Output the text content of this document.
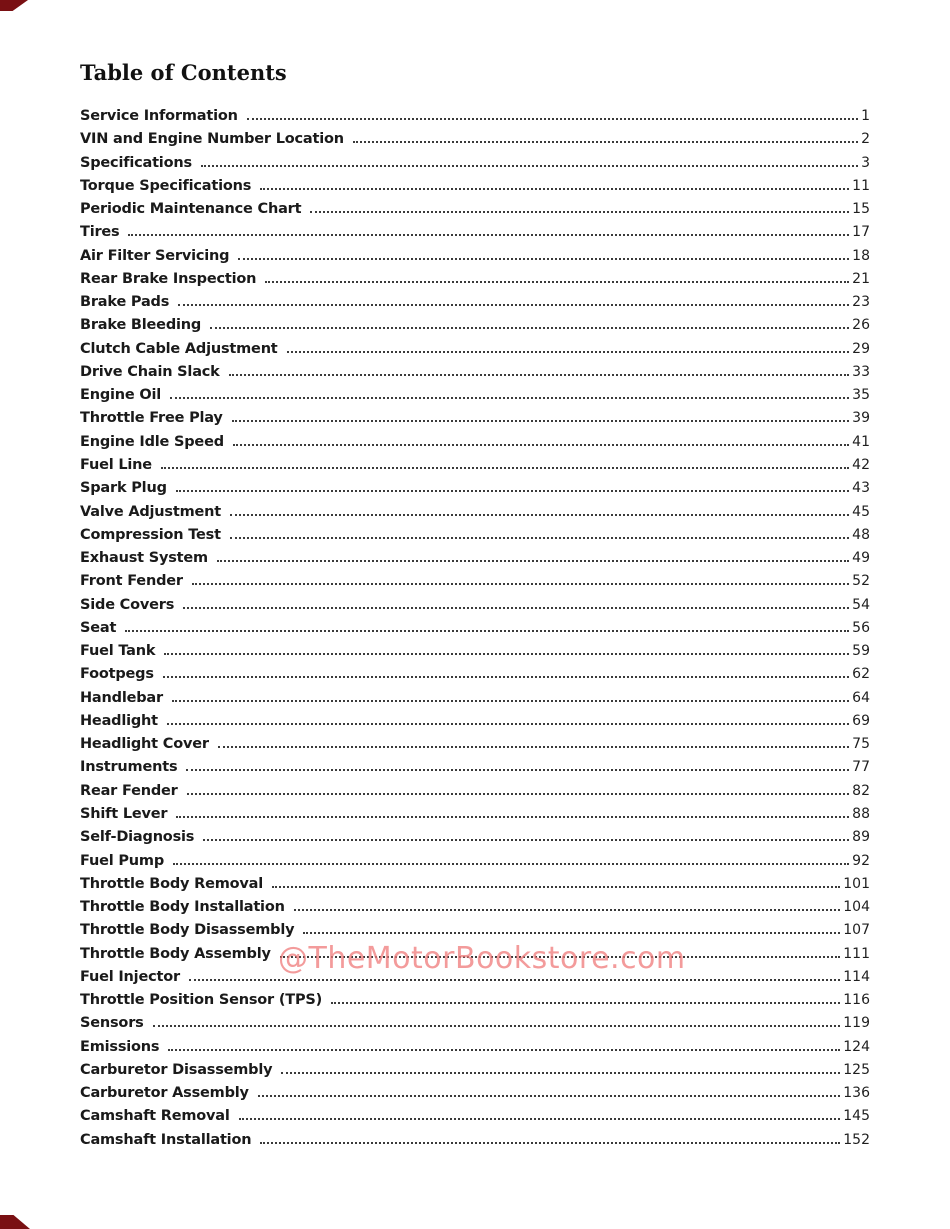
Table of Contents
Service Information	1
VIN and Engine Number Location	2
Specifications	3
Torque Specifications	11
Periodic Maintenance Chart	15
Tires	17
Air Filter Servicing	18
Rear Brake Inspection	21
Brake Pads	23
Brake Bleeding	26
Clutch Cable Adjustment	29
Drive Chain Slack	33
Engine Oil	35
Throttle Free Play	39
Engine Idle Speed	41
Fuel Line	42
Spark Plug	43
Valve Adjustment	45
Compression Test	48
Exhaust System	49
Front Fender	52
Side Covers	54
Seat	56
Fuel Tank	59
Footpegs	62
Handlebar	64
Headlight	69
Headlight Cover	75
Instruments	77
Rear Fender	82
Shift Lever	88
Self-Diagnosis	89
Fuel Pump	92
Throttle Body Removal	101
Throttle Body Installation	104
Throttle Body Disassembly	107
Throttle Body Assembly	111
Fuel Injector	114
Throttle Position Sensor (TPS)	116
Sensors	119
Emissions	124
Carburetor Disassembly	125
Carburetor Assembly	136
Camshaft Removal	145
Camshaft Installation	152
@TheMotorBookstore.com
